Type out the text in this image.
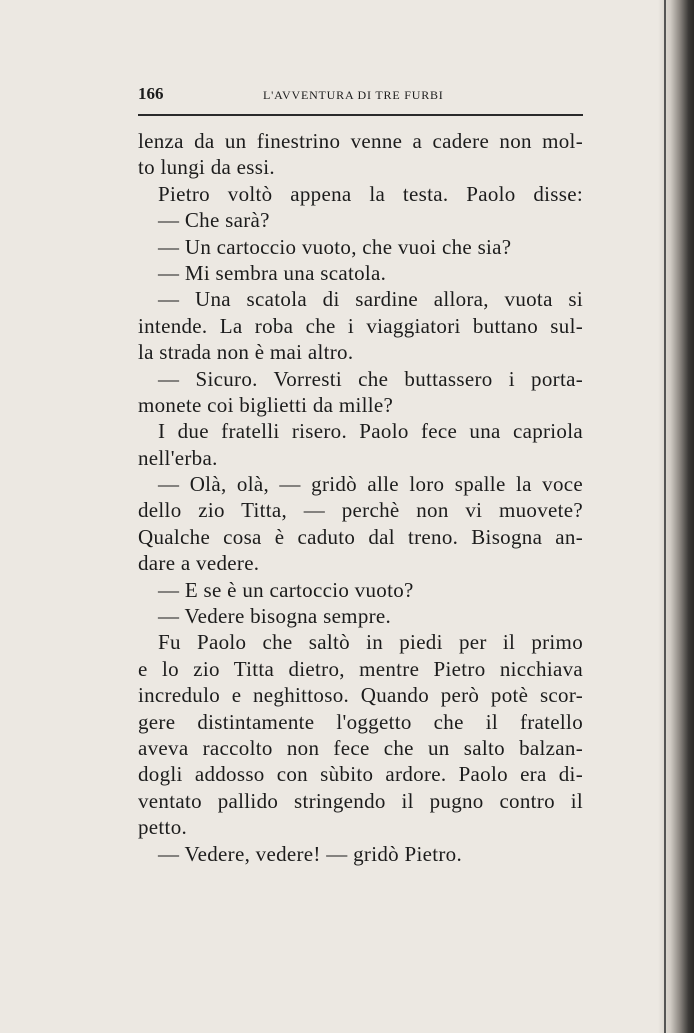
166	L'AVVENTURA DI TRE FURBI
lenza da un finestrino venne a cadere non mol-
to lungi da essi.
Pietro voltò appena la testa. Paolo disse:
— Che sarà?
— Un cartoccio vuoto, che vuoi che sia?
— Mi sembra una scatola.
— Una scatola di sardine allora, vuota si
intende. La roba che i viaggiatori buttano sul-
la strada non è mai altro.
— Sicuro. Vorresti che buttassero i porta-
monete coi biglietti da mille?
I due fratelli risero. Paolo fece una capriola
nell'erba.
— Olà, olà, — gridò alle loro spalle la voce
dello zio Titta, — perchè non vi muovete?
Qualche cosa è caduto dal treno. Bisogna an-
dare a vedere.
— E se è un cartoccio vuoto?
— Vedere bisogna sempre.
Fu Paolo che saltò in piedi per il primo
e lo zio Titta dietro, mentre Pietro nicchiava
incredulo e neghittoso. Quando però potè scor-
gere distintamente l'oggetto che il fratello
aveva raccolto non fece che un salto balzan-
dogli addosso con sùbito ardore. Paolo era di-
ventato pallido stringendo il pugno contro il
petto.
— Vedere, vedere! — gridò Pietro.
